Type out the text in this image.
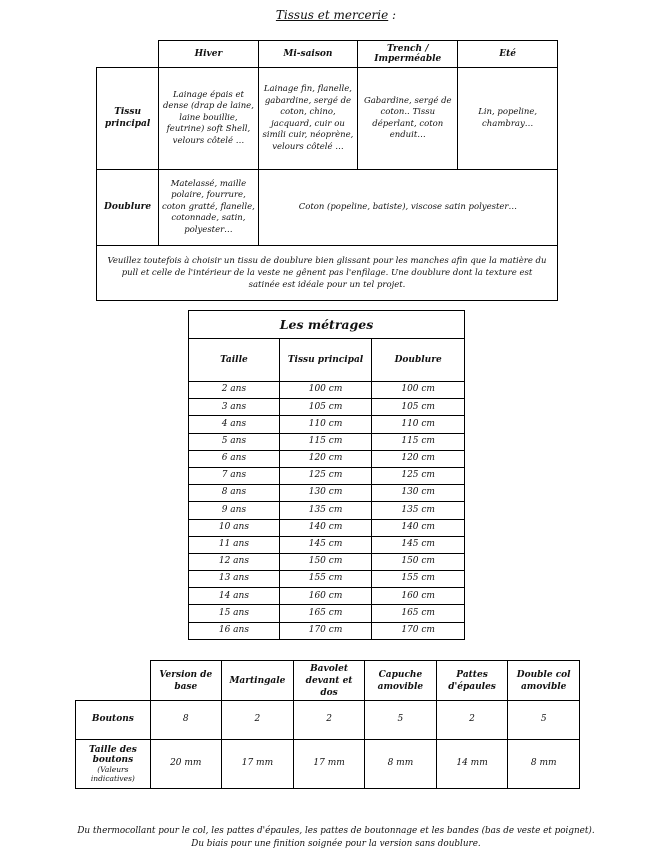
Tissus et mercerie :
	Hiver	Mi-saison	Trench / Imperméable	Eté
Tissu principal	Lainage épais et dense (drap de laine, laine bouillie, feutrine) soft Shell, velours côtelé …	Lainage fin, flanelle, gabardine, sergé de coton, chino, jacquard, cuir ou simili cuir, néoprène, velours côtelé …	Gabardine, sergé de coton.. Tissu déperlant, coton enduit…	Lin, popeline, chambray…
Doublure	Matelassé, maille polaire, fourrure, coton gratté, flanelle, cotonnade, satin, polyester…	Coton (popeline, batiste), viscose satin polyester…		
Veuillez toutefois à choisir un tissu de doublure bien glissant pour les manches afin que la matière du pull et celle de l'intérieur de la veste ne gênent pas l'enfilage. Une doublure dont la texture est satinée est idéale pour un tel projet.				
Les métrages		
Taille	Tissu principal	Doublure
2 ans	100 cm	100 cm
3 ans	105 cm	105 cm
4 ans	110 cm	110 cm
5 ans	115 cm	115 cm
6 ans	120 cm	120 cm
7 ans	125 cm	125 cm
8 ans	130 cm	130 cm
9 ans	135 cm	135 cm
10 ans	140 cm	140 cm
11 ans	145 cm	145 cm
12 ans	150 cm	150 cm
13 ans	155 cm	155 cm
14 ans	160 cm	160 cm
15 ans	165 cm	165 cm
16 ans	170 cm	170 cm
	Version de base	Martingale	Bavolet devant et dos	Capuche amovible	Pattes d'épaules	Double col amovible
Boutons	8	2	2	5	2	5
Taille des boutons
(Valeurs indicatives)	20 mm	17 mm	17 mm	8 mm	14 mm	8 mm
Du thermocollant pour le col, les pattes d'épaules, les pattes de boutonnage et les bandes (bas de veste et poignet).
Du biais pour une finition soignée pour la version sans doublure.
